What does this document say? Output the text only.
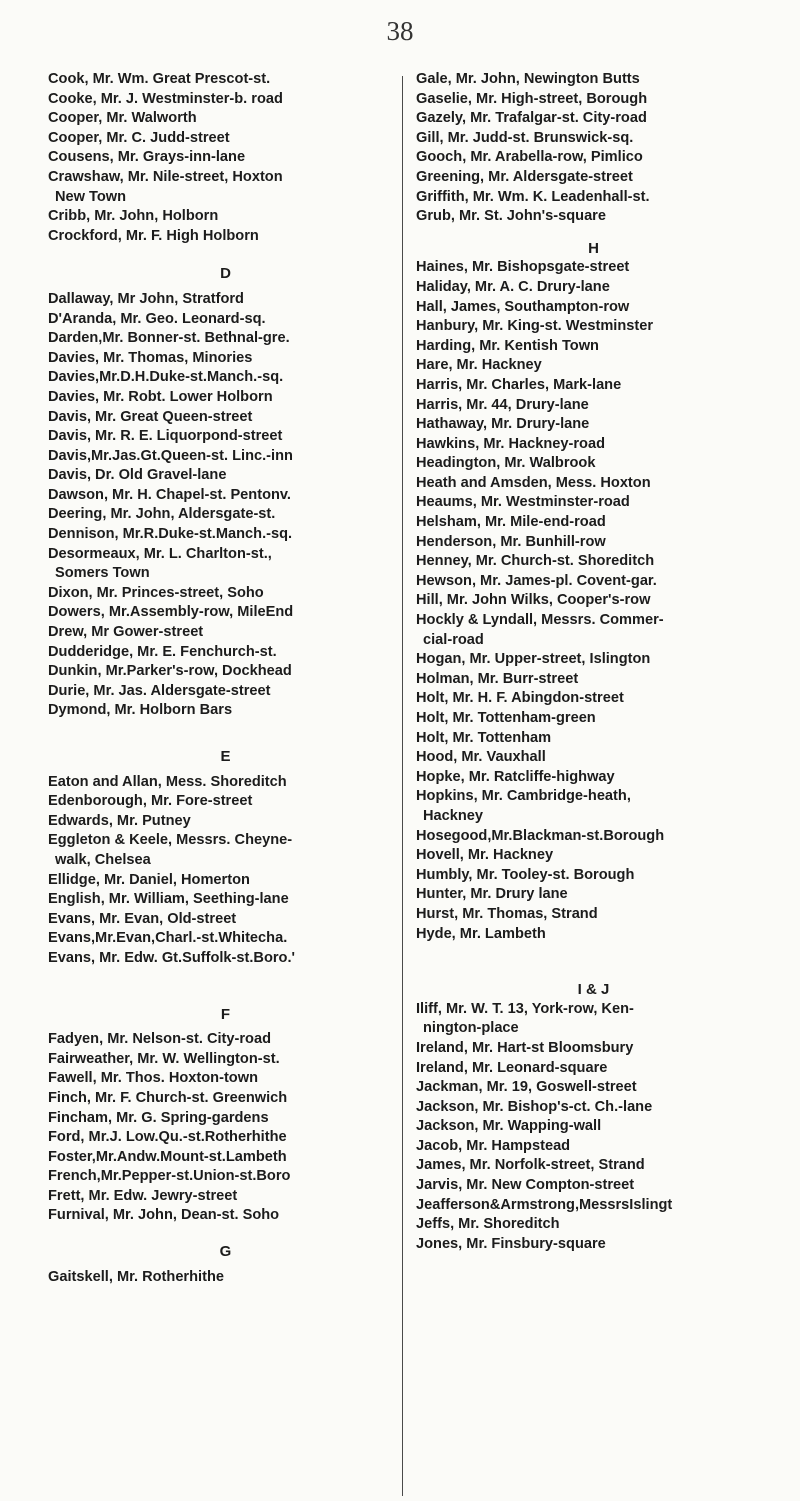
38

Cook, Mr. Wm. Great Prescot-st.

Cooke, Mr. J. Westminster-b. road

Cooper, Mr. Walworth

Cooper, Mr. C. Judd-street

Cousens, Mr. Grays-inn-lane

Crawshaw, Mr. Nile-street, Hoxton

New Town

Cribb, Mr. John, Holborn

Crockford, Mr. F. High Holborn

D

Dallaway, Mr John, Stratford

D'Aranda, Mr. Geo. Leonard-sq.

Darden,Mr. Bonner-st. Bethnal-gre.

Davies, Mr. Thomas, Minories

Davies,Mr.D.H.Duke-st.Manch.-sq.

Davies, Mr. Robt. Lower Holborn

Davis, Mr. Great Queen-street

Davis, Mr. R. E. Liquorpond-street

Davis,Mr.Jas.Gt.Queen-st. Linc.-inn

Davis, Dr. Old Gravel-lane

Dawson, Mr. H. Chapel-st. Pentonv.

Deering, Mr. John, Aldersgate-st.

Dennison, Mr.R.Duke-st.Manch.-sq.

Desormeaux, Mr. L. Charlton-st.,

Somers Town

Dixon, Mr. Princes-street, Soho

Dowers, Mr.Assembly-row, MileEnd

Drew, Mr Gower-street

Dudderidge, Mr. E. Fenchurch-st.

Dunkin, Mr.Parker's-row, Dockhead

Durie, Mr. Jas. Aldersgate-street

Dymond, Mr. Holborn Bars

E

Eaton and Allan, Mess. Shoreditch

Edenborough, Mr. Fore-street

Edwards, Mr. Putney

Eggleton & Keele, Messrs. Cheyne-

walk, Chelsea

Ellidge, Mr. Daniel, Homerton

English, Mr. William, Seething-lane

Evans, Mr. Evan, Old-street

Evans,Mr.Evan,Charl.-st.Whitecha.

Evans, Mr. Edw. Gt.Suffolk-st.Boro.'

F

Fadyen, Mr. Nelson-st. City-road

Fairweather, Mr. W. Wellington-st.

Fawell, Mr. Thos. Hoxton-town

Finch, Mr. F. Church-st. Greenwich

Fincham, Mr. G. Spring-gardens

Ford, Mr.J. Low.Qu.-st.Rotherhithe

Foster,Mr.Andw.Mount-st.Lambeth

French,Mr.Pepper-st.Union-st.Boro

Frett, Mr. Edw. Jewry-street

Furnival, Mr. John, Dean-st. Soho

G

Gaitskell, Mr. Rotherhithe

Gale, Mr. John, Newington Butts

Gaselie, Mr. High-street, Borough

Gazely, Mr. Trafalgar-st. City-road

Gill, Mr. Judd-st. Brunswick-sq.

Gooch, Mr. Arabella-row, Pimlico

Greening, Mr. Aldersgate-street

Griffith, Mr. Wm. K. Leadenhall-st.

Grub, Mr. St. John's-square

H

Haines, Mr. Bishopsgate-street

Haliday, Mr. A. C. Drury-lane

Hall, James, Southampton-row

Hanbury, Mr. King-st. Westminster

Harding, Mr. Kentish Town

Hare, Mr. Hackney

Harris, Mr. Charles, Mark-lane

Harris, Mr. 44, Drury-lane

Hathaway, Mr. Drury-lane

Hawkins, Mr. Hackney-road

Headington, Mr. Walbrook

Heath and Amsden, Mess. Hoxton

Heaums, Mr. Westminster-road

Helsham, Mr. Mile-end-road

Henderson, Mr. Bunhill-row

Henney, Mr. Church-st. Shoreditch

Hewson, Mr. James-pl. Covent-gar.

Hill, Mr. John Wilks, Cooper's-row

Hockly & Lyndall, Messrs. Commer-

cial-road

Hogan, Mr. Upper-street, Islington

Holman, Mr. Burr-street

Holt, Mr. H. F. Abingdon-street

Holt, Mr. Tottenham-green

Holt, Mr. Tottenham

Hood, Mr. Vauxhall

Hopke, Mr. Ratcliffe-highway

Hopkins, Mr. Cambridge-heath,

Hackney

Hosegood,Mr.Blackman-st.Borough

Hovell, Mr. Hackney

Humbly, Mr. Tooley-st. Borough

Hunter, Mr. Drury lane

Hurst, Mr. Thomas, Strand

Hyde, Mr. Lambeth

I & J

Iliff, Mr. W. T. 13, York-row, Ken-

nington-place

Ireland, Mr. Hart-st Bloomsbury

Ireland, Mr. Leonard-square

Jackman, Mr. 19, Goswell-street

Jackson, Mr. Bishop's-ct. Ch.-lane

Jackson, Mr. Wapping-wall

Jacob, Mr. Hampstead

James, Mr. Norfolk-street, Strand

Jarvis, Mr. New Compton-street

Jeafferson&Armstrong,MessrsIslingt

Jeffs, Mr. Shoreditch

Jones, Mr. Finsbury-square
